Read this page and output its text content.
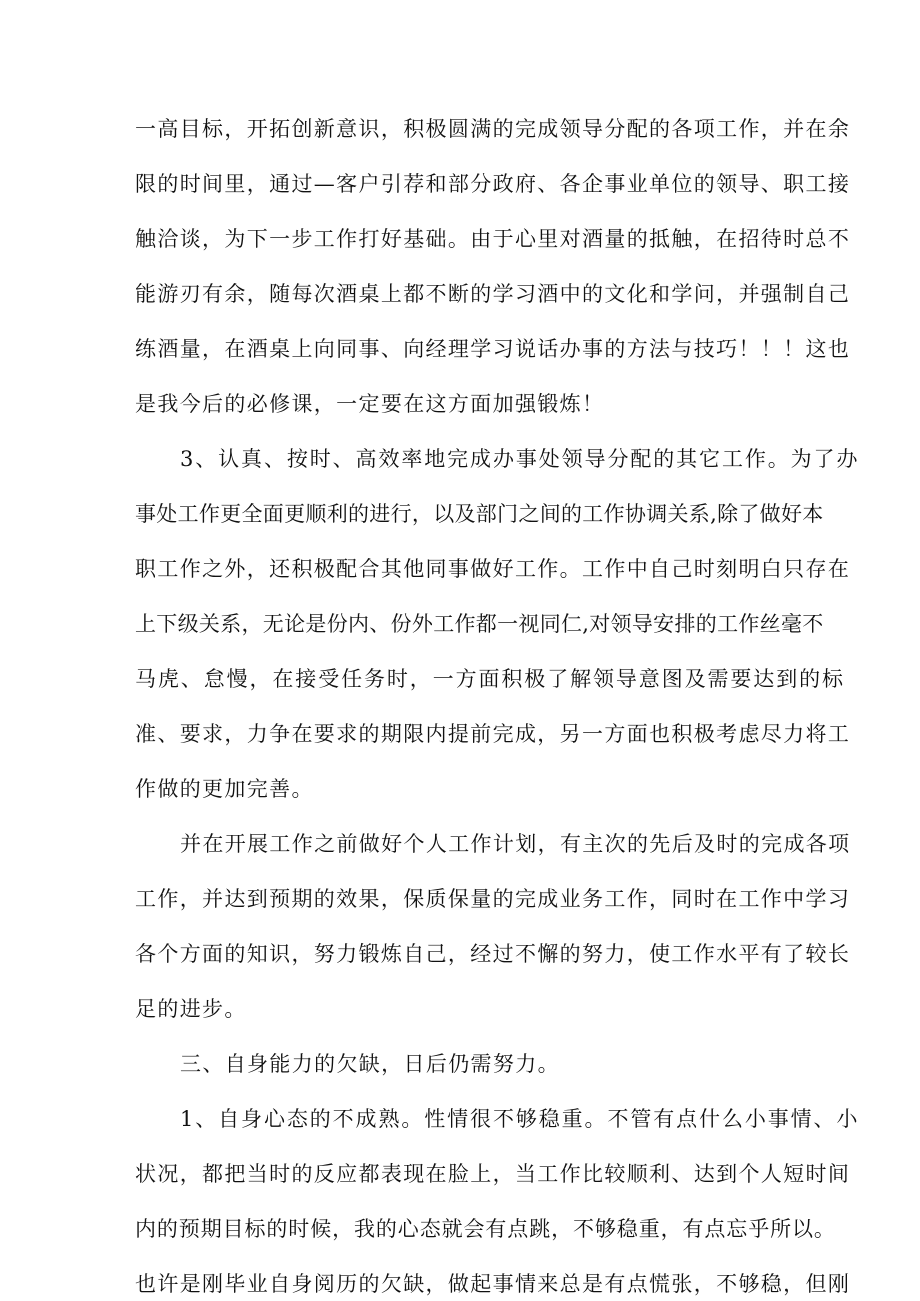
一高目标，开拓创新意识，积极圆满的完成领导分配的各项工作，并在余
限的时间里，通过—客户引荐和部分政府、各企事业单位的领导、职工接
触洽谈，为下一步工作打好基础。由于心里对酒量的抵触，在招待时总不
能游刃有余，随每次酒桌上都不断的学习酒中的文化和学问，并强制自己
练酒量，在酒桌上向同事、向经理学习说话办事的方法与技巧！！！这也
是我今后的必修课，一定要在这方面加强锻炼！
3、认真、按时、高效率地完成办事处领导分配的其它工作。为了办
事处工作更全面更顺利的进行，以及部门之间的工作协调关系,除了做好本
职工作之外，还积极配合其他同事做好工作。工作中自己时刻明白只存在
上下级关系，无论是份内、份外工作都一视同仁,对领导安排的工作丝毫不
马虎、怠慢，在接受任务时，一方面积极了解领导意图及需要达到的标
准、要求，力争在要求的期限内提前完成，另一方面也积极考虑尽力将工
作做的更加完善。
并在开展工作之前做好个人工作计划，有主次的先后及时的完成各项
工作，并达到预期的效果，保质保量的完成业务工作，同时在工作中学习
各个方面的知识，努力锻炼自己，经过不懈的努力，使工作水平有了较长
足的进步。
三、自身能力的欠缺，日后仍需努力。
1、自身心态的不成熟。性情很不够稳重。不管有点什么小事情、小
状况，都把当时的反应都表现在脸上，当工作比较顺利、达到个人短时间
内的预期目标的时候，我的心态就会有点跳，不够稳重，有点忘乎所以。
也许是刚毕业自身阅历的欠缺，做起事情来总是有点慌张，不够稳，但刚
